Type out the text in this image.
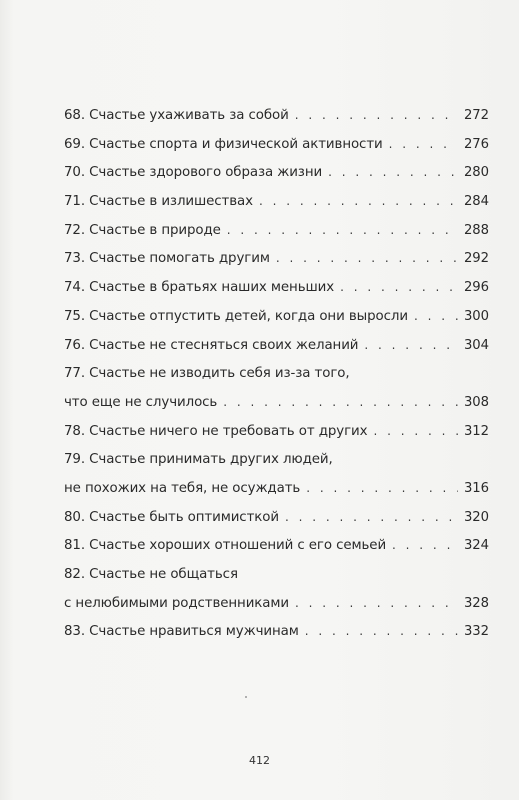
68. Счастье ухаживать за собой . . .	272
69. Счастье спорта и физической активности . . .	276
70. Счастье здорового образа жизни . . .	280
71. Счастье в излишествах . . .	284
72. Счастье в природе . . .	288
73. Счастье помогать другим . . .	292
74. Счастье в братьях наших меньших . . .	296
75. Счастье отпустить детей, когда они выросли . . .	300
76. Счастье не стесняться своих желаний . . .	304
77. Счастье не изводить себя из-за того,
что еще не случилось . . .	308
78. Счастье ничего не требовать от других . . .	312
79. Счастье принимать других людей,
не похожих на тебя, не осуждать . . .	316
80. Счастье быть оптимисткой . . .	320
81. Счастье хороших отношений с его семьей . . .	324
82. Счастье не общаться
с нелюбимыми родственниками . . .	328
83. Счастье нравиться мужчинам . . .	332
412
